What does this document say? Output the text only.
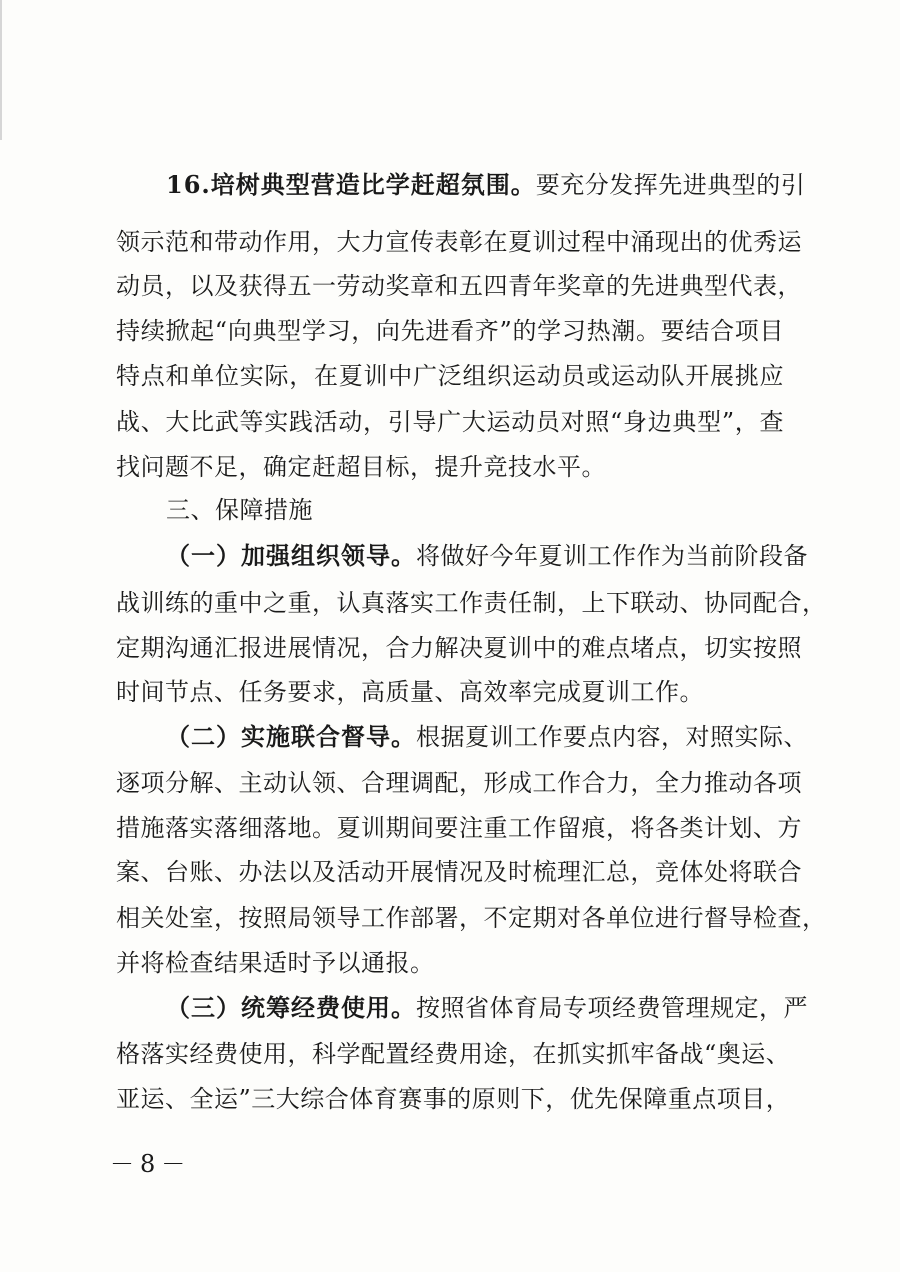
16.培树典型营造比学赶超氛围。要充分发挥先进典型的引
领示范和带动作用，大力宣传表彰在夏训过程中涌现出的优秀运
动员，以及获得五一劳动奖章和五四青年奖章的先进典型代表，
持续掀起“向典型学习，向先进看齐”的学习热潮。要结合项目
特点和单位实际，在夏训中广泛组织运动员或运动队开展挑应
战、大比武等实践活动，引导广大运动员对照“身边典型”，查
找问题不足，确定赶超目标，提升竞技水平。
三、保障措施
（一）加强组织领导。将做好今年夏训工作作为当前阶段备
战训练的重中之重，认真落实工作责任制，上下联动、协同配合，
定期沟通汇报进展情况，合力解决夏训中的难点堵点，切实按照
时间节点、任务要求，高质量、高效率完成夏训工作。
（二）实施联合督导。根据夏训工作要点内容，对照实际、
逐项分解、主动认领、合理调配，形成工作合力，全力推动各项
措施落实落细落地。夏训期间要注重工作留痕，将各类计划、方
案、台账、办法以及活动开展情况及时梳理汇总，竞体处将联合
相关处室，按照局领导工作部署，不定期对各单位进行督导检查，
并将检查结果适时予以通报。
（三）统筹经费使用。按照省体育局专项经费管理规定，严
格落实经费使用，科学配置经费用途，在抓实抓牢备战“奥运、
亚运、全运”三大综合体育赛事的原则下，优先保障重点项目，
－8－
